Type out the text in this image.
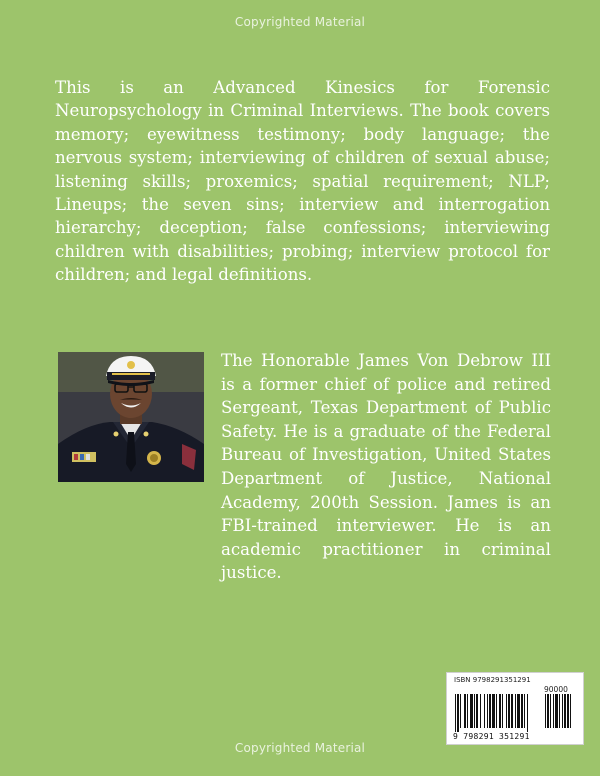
Copyrighted Material
This is an Advanced Kinesics for Forensic Neuropsychology in Criminal Interviews. The book covers memory; eyewitness testimony; body language; the nervous system; interviewing of children of sexual abuse; listening skills; proxemics; spatial requirement; NLP; Lineups; the seven sins; interview and interrogation hierarchy; deception; false confessions; interviewing children with disabilities; probing; interview protocol for children; and legal definitions.
The Honorable James Von Debrow III is a former chief of police and retired Sergeant, Texas Department of Public Safety. He is a graduate of the Federal Bureau of Investigation, United States Department of Justice, National Academy, 200th Session. James is an FBI-trained interviewer. He is an academic practitioner in criminal justice.
ISBN 9798291351291
90000
9 798291 351291
Copyrighted Material
